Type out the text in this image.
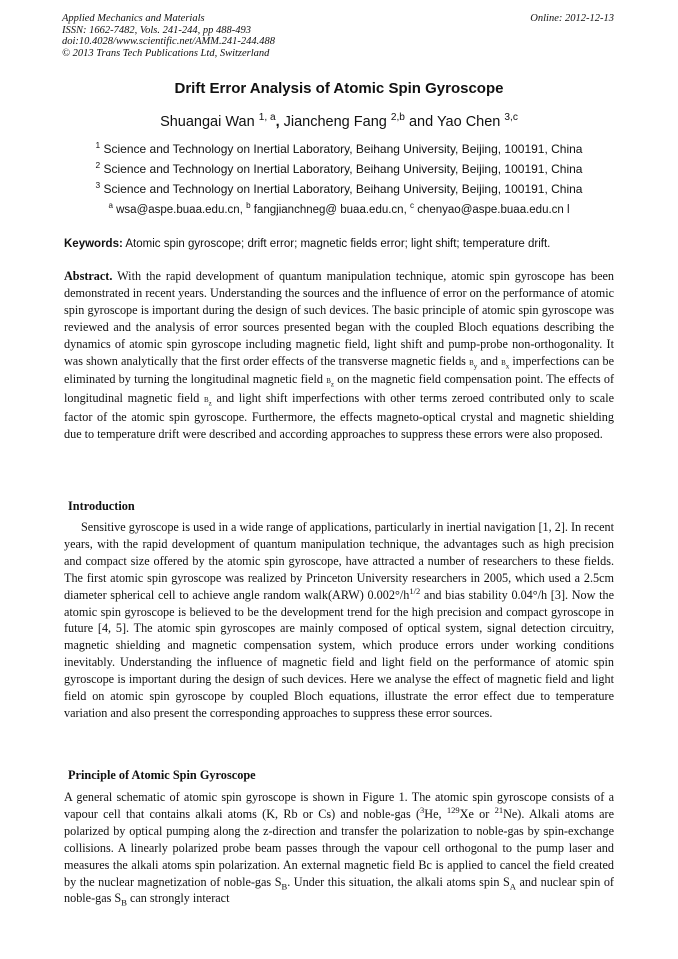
Applied Mechanics and Materials
ISSN: 1662-7482, Vols. 241-244, pp 488-493
doi:10.4028/www.scientific.net/AMM.241-244.488
© 2013 Trans Tech Publications Ltd, Switzerland
Online: 2012-12-13
Drift Error Analysis of Atomic Spin Gyroscope
Shuangai Wan $^{1, a}$, Jiancheng Fang $^{2,b}$ and Yao Chen $^{3,c}$
$^1$ Science and Technology on Inertial Laboratory, Beihang University, Beijing, 100191, China
$^2$ Science and Technology on Inertial Laboratory, Beihang University, Beijing, 100191, China
$^3$ Science and Technology on Inertial Laboratory, Beihang University, Beijing, 100191, China
$^a$ wsa@aspe.buaa.edu.cn, $^b$ fangjianchneg@ buaa.edu.cn, $^c$ chenyao@aspe.buaa.edu.cn l
Keywords: Atomic spin gyroscope; drift error; magnetic fields error; light shift; temperature drift.
Abstract. With the rapid development of quantum manipulation technique, atomic spin gyroscope has been demonstrated in recent years. Understanding the sources and the influence of error on the performance of atomic spin gyroscope is important during the design of such devices. The basic principle of atomic spin gyroscope was reviewed and the analysis of error sources presented began with the coupled Bloch equations describing the dynamics of atomic spin gyroscope including magnetic field, light shift and pump-probe non-orthogonality. It was shown analytically that the first order effects of the transverse magnetic fields $B_y$ and $B_x$ imperfections can be eliminated by turning the longitudinal magnetic field $B_z$ on the magnetic field compensation point. The effects of longitudinal magnetic field $B_z$ and light shift imperfections with other terms zeroed contributed only to scale factor of the atomic spin gyroscope. Furthermore, the effects magneto-optical crystal and magnetic shielding due to temperature drift were described and according approaches to suppress these errors were also proposed.
Introduction
Sensitive gyroscope is used in a wide range of applications, particularly in inertial navigation [1, 2]. In recent years, with the rapid development of quantum manipulation technique, the advantages such as high precision and compact size offered by the atomic spin gyroscope, have attracted a number of researchers to these fields. The first atomic spin gyroscope was realized by Princeton University researchers in 2005, which used a 2.5cm diameter spherical cell to achieve angle random walk(ARW) $0.002^\circ/h^{1/2}$ and bias stability 0.04°/h [3]. Now the atomic spin gyroscope is believed to be the development trend for the high precision and compact gyroscope in future [4, 5]. The atomic spin gyroscopes are mainly composed of optical system, signal detection circuitry, magnetic shielding and magnetic compensation system, which produce errors under working conditions inevitably. Understanding the influence of magnetic field and light field on the performance of atomic spin gyroscope is important during the design of such devices. Here we analyse the effect of magnetic field and light field on atomic spin gyroscope by coupled Bloch equations, illustrate the error effect due to temperature variation and also present the corresponding approaches to suppress these error sources.
Principle of Atomic Spin Gyroscope
A general schematic of atomic spin gyroscope is shown in Figure 1. The atomic spin gyroscope consists of a vapour cell that contains alkali atoms (K, Rb or Cs) and noble-gas ($^3$He, $^{129}$Xe or $^{21}$Ne). Alkali atoms are polarized by optical pumping along the z-direction and transfer the polarization to noble-gas by spin-exchange collisions. A linearly polarized probe beam passes through the vapour cell orthogonal to the pump laser and measures the alkali atoms spin polarization. An external magnetic field Bc is applied to cancel the field created by the nuclear magnetization of noble-gas $S_B$. Under this situation, the alkali atoms spin $S_A$ and nuclear spin of noble-gas $S_B$ can strongly interact
